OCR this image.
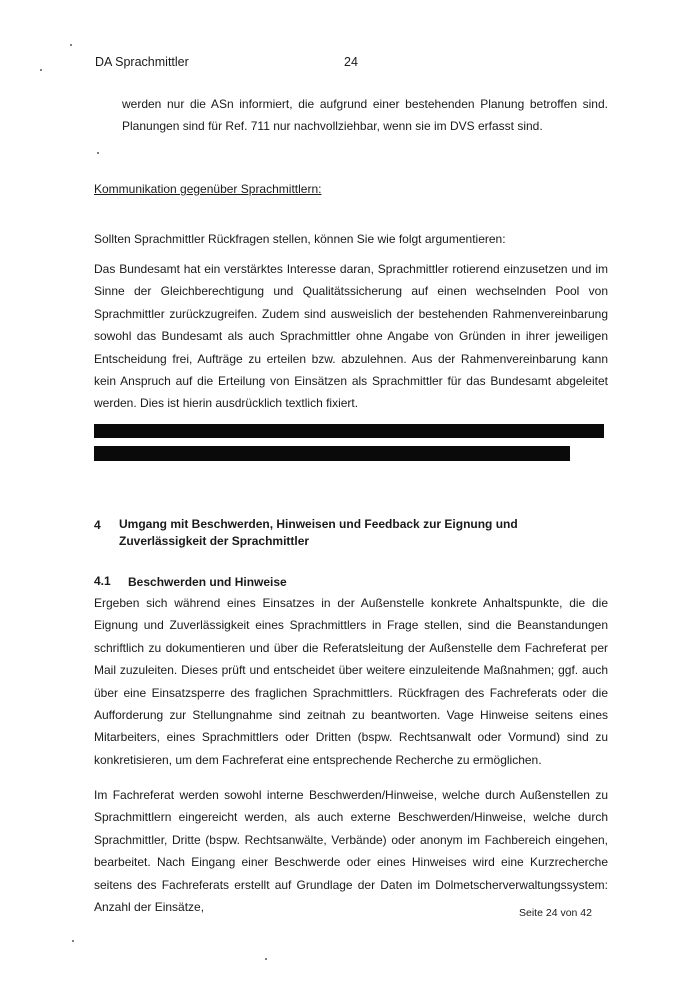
DA Sprachmittler	24

werden nur die ASn informiert, die aufgrund einer bestehenden Planung betroffen sind. Planungen sind für Ref. 711 nur nachvollziehbar, wenn sie im DVS erfasst sind.

Kommunikation gegenüber Sprachmittlern:

Sollten Sprachmittler Rückfragen stellen, können Sie wie folgt argumentieren:

Das Bundesamt hat ein verstärktes Interesse daran, Sprachmittler rotierend einzusetzen und im Sinne der Gleichberechtigung und Qualitätssicherung auf einen wechselnden Pool von Sprachmittler zurückzugreifen. Zudem sind ausweislich der bestehenden Rahmenvereinbarung sowohl das Bundesamt als auch Sprachmittler ohne Angabe von Gründen in ihrer jeweiligen Entscheidung frei, Aufträge zu erteilen bzw. abzulehnen. Aus der Rahmenvereinbarung kann kein Anspruch auf die Erteilung von Einsätzen als Sprachmittler für das Bundesamt abgeleitet werden. Dies ist hierin ausdrücklich textlich fixiert.

4 Umgang mit Beschwerden, Hinweisen und Feedback zur Eignung und Zuverlässigkeit der Sprachmittler
4.1 Beschwerden und Hinweise

Ergeben sich während eines Einsatzes in der Außenstelle konkrete Anhaltspunkte, die die Eignung und Zuverlässigkeit eines Sprachmittlers in Frage stellen, sind die Beanstandungen schriftlich zu dokumentieren und über die Referatsleitung der Außenstelle dem Fachreferat per Mail zuzuleiten. Dieses prüft und entscheidet über weitere einzuleitende Maßnahmen; ggf. auch über eine Einsatzsperre des fraglichen Sprachmittlers. Rückfragen des Fachreferats oder die Aufforderung zur Stellungnahme sind zeitnah zu beantworten. Vage Hinweise seitens eines Mitarbeiters, eines Sprachmittlers oder Dritten (bspw. Rechtsanwalt oder Vormund) sind zu konkretisieren, um dem Fachreferat eine entsprechende Recherche zu ermöglichen.

Im Fachreferat werden sowohl interne Beschwerden/Hinweise, welche durch Außenstellen zu Sprachmittlern eingereicht werden, als auch externe Beschwerden/Hinweise, welche durch Sprachmittler, Dritte (bspw. Rechtsanwälte, Verbände) oder anonym im Fachbereich eingehen, bearbeitet. Nach Eingang einer Beschwerde oder eines Hinweises wird eine Kurzrecherche seitens des Fachreferats erstellt auf Grundlage der Daten im Dolmetscherverwaltungssystem: Anzahl der Einsätze,	Seite 24 von 42
